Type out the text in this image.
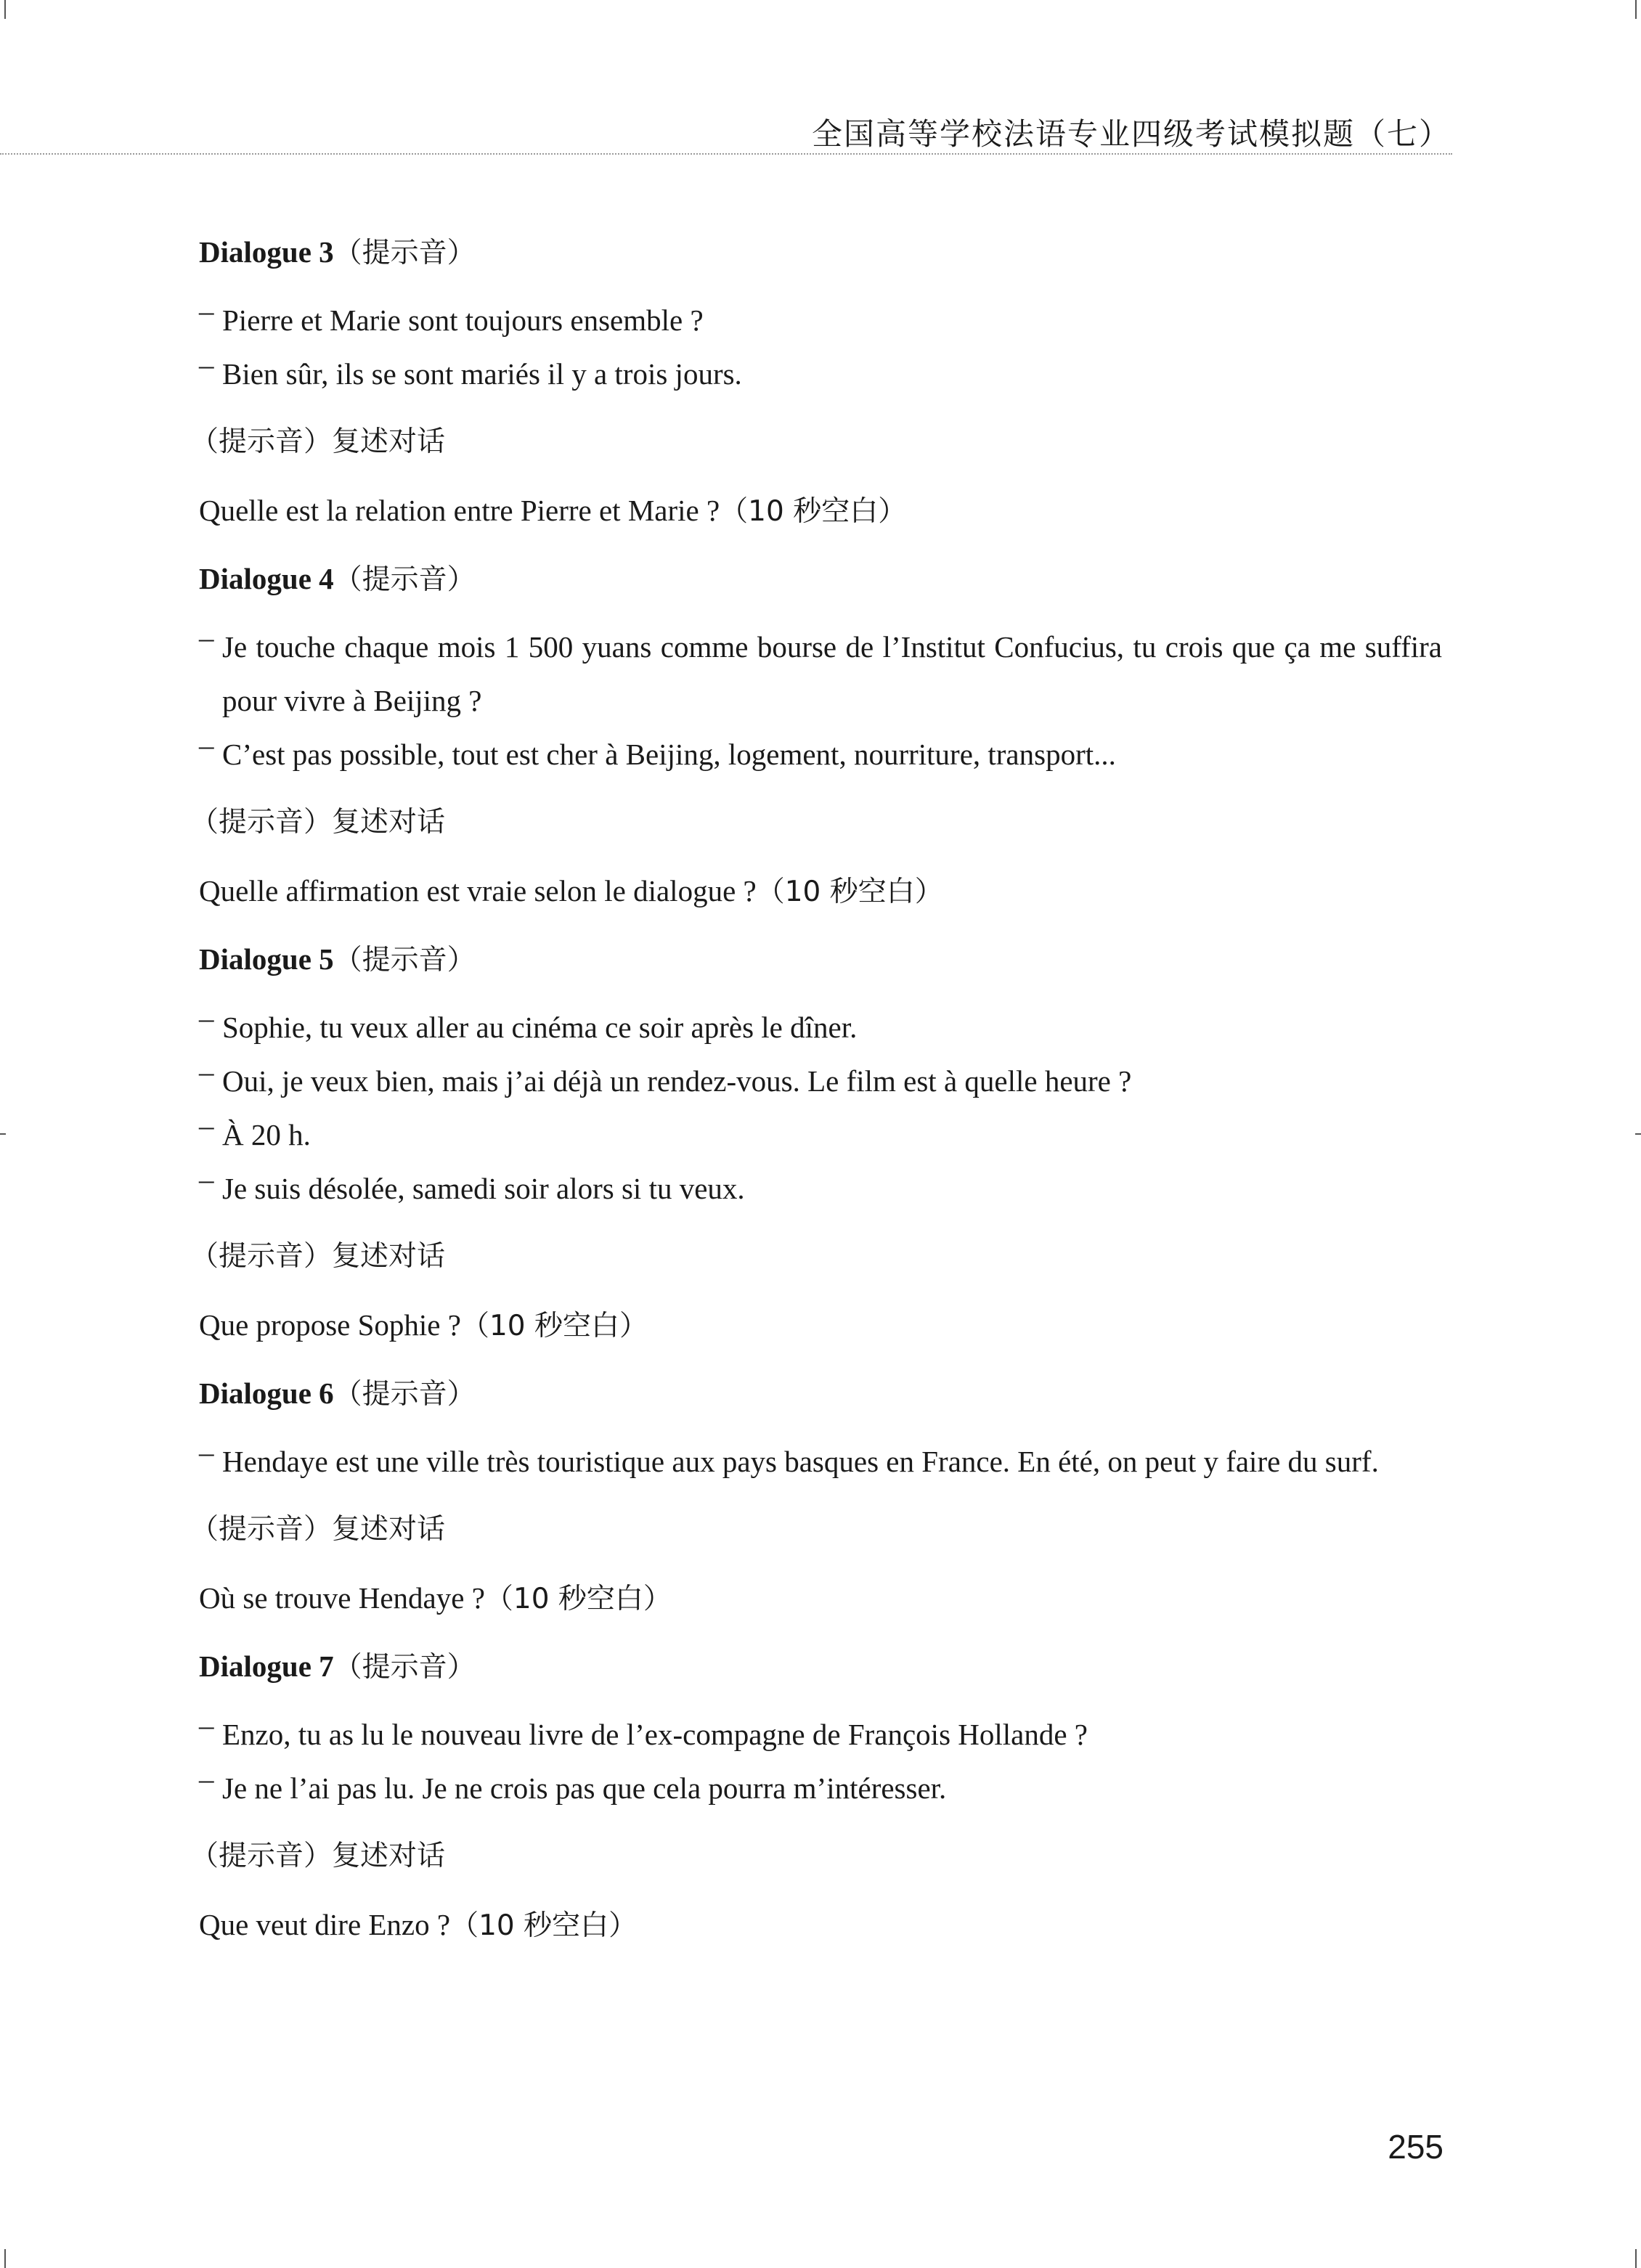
全国高等学校法语专业四级考试模拟题（七）
Dialogue 3（提示音）
– Pierre et Marie sont toujours ensemble ?
– Bien sûr, ils se sont mariés il y a trois jours.
（提示音）复述对话
Quelle est la relation entre Pierre et Marie ?（10 秒空白）
Dialogue 4（提示音）
– Je touche chaque mois 1 500 yuans comme bourse de l’Institut Confucius, tu crois que ça me suffira pour vivre à Beijing ?
– C’est pas possible, tout est cher à Beijing, logement, nourriture, transport...
（提示音）复述对话
Quelle affirmation est vraie selon le dialogue ?（10 秒空白）
Dialogue 5（提示音）
– Sophie, tu veux aller au cinéma ce soir après le dîner.
– Oui, je veux bien, mais j’ai déjà un rendez-vous. Le film est à quelle heure ?
– À 20 h.
– Je suis désolée, samedi soir alors si tu veux.
（提示音）复述对话
Que propose Sophie ?（10 秒空白）
Dialogue 6（提示音）
– Hendaye est une ville très touristique aux pays basques en France. En été, on peut y faire du surf.
（提示音）复述对话
Où se trouve Hendaye ?（10 秒空白）
Dialogue 7（提示音）
– Enzo, tu as lu le nouveau livre de l’ex-compagne de François Hollande ?
– Je ne l’ai pas lu. Je ne crois pas que cela pourra m’intéresser.
（提示音）复述对话
Que veut dire Enzo ?（10 秒空白）
255
